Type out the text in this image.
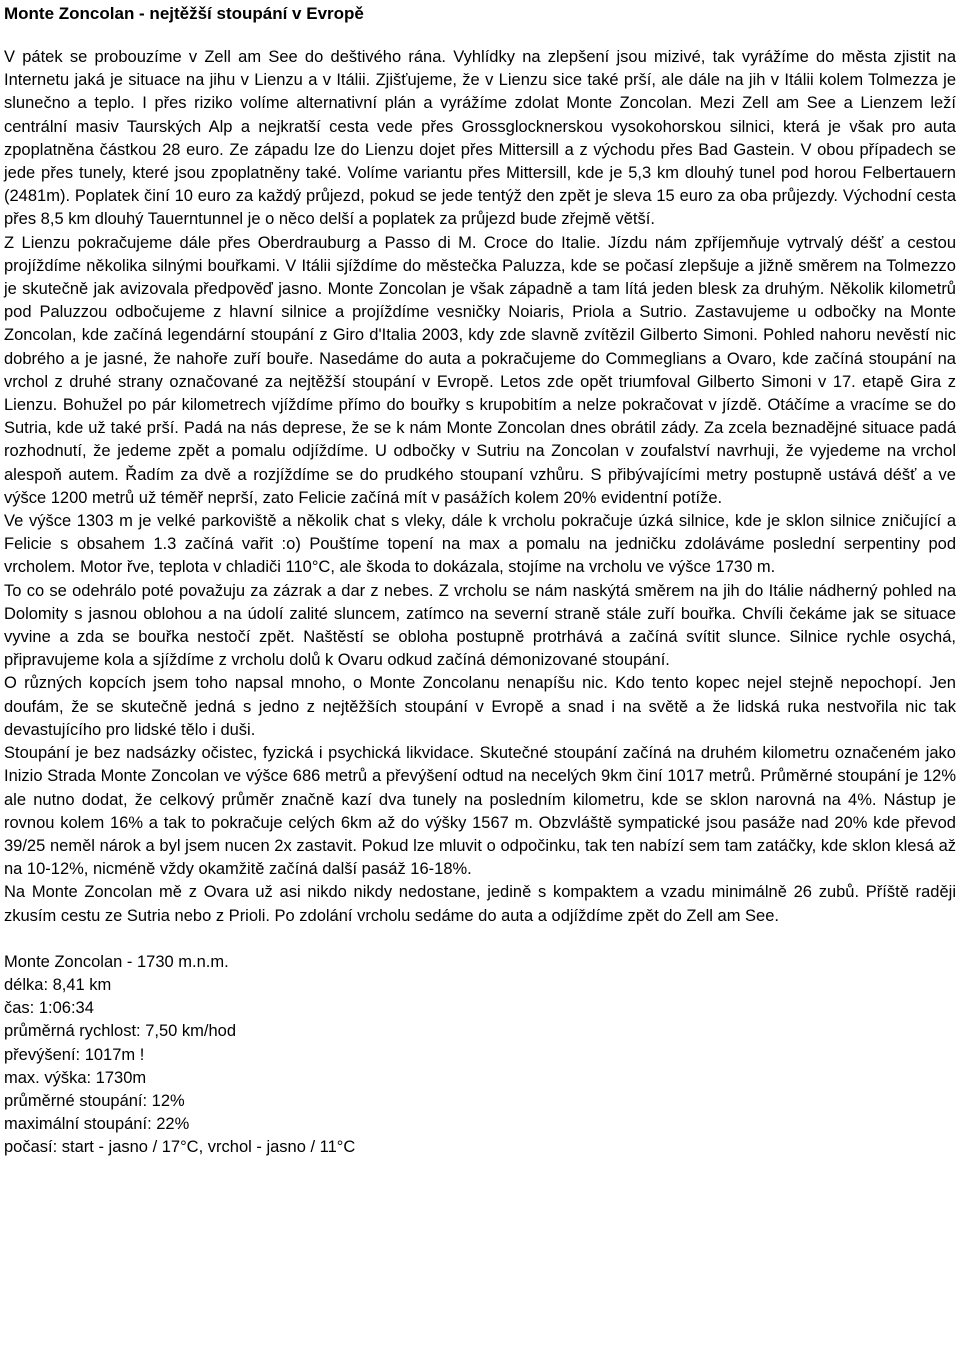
Monte Zoncolan - nejtěžší stoupání v Evropě

V pátek se probouzíme v Zell am See do deštivého rána. Vyhlídky na zlepšení jsou mizivé, tak vyrážíme do města zjistit na Internetu jaká je situace na jihu v Lienzu a v Itálii. Zjišťujeme, že v Lienzu sice také prší, ale dále na jih v Itálii kolem Tolmezza je slunečno a teplo. I přes riziko volíme alternativní plán a vyrážíme zdolat Monte Zoncolan. Mezi Zell am See a Lienzem leží centrální masiv Taurských Alp a nejkratší cesta vede přes Grossglocknerskou vysokohorskou silnici, která je však pro auta zpoplatněna částkou 28 euro. Ze západu lze do Lienzu dojet přes Mittersill a z východu přes Bad Gastein. V obou případech se jede přes tunely, které jsou zpoplatněny také. Volíme variantu přes Mittersill, kde je 5,3 km dlouhý tunel pod horou Felbertauern (2481m). Poplatek činí 10 euro za každý průjezd, pokud se jede tentýž den zpět je sleva 15 euro za oba průjezdy. Východní cesta přes 8,5 km dlouhý Tauerntunnel je o něco delší a poplatek za průjezd bude zřejmě větší.

Z Lienzu pokračujeme dále přes Oberdrauburg a Passo di M. Croce do Italie. Jízdu nám zpříjemňuje vytrvalý déšť a cestou projíždíme několika silnými bouřkami. V Itálii sjíždíme do městečka Paluzza, kde se počasí zlepšuje a jižně směrem na Tolmezzo je skutečně jak avizovala předpověď jasno. Monte Zoncolan je však západně a tam lítá jeden blesk za druhým. Několik kilometrů pod Paluzzou odbočujeme z hlavní silnice a projíždíme vesničky Noiaris, Priola a Sutrio. Zastavujeme u odbočky na Monte Zoncolan, kde začíná legendární stoupání z Giro d'Italia 2003, kdy zde slavně zvítězil Gilberto Simoni. Pohled nahoru nevěstí nic dobrého a je jasné, že nahoře zuří bouře. Nasedáme do auta a pokračujeme do Commeglians a Ovaro, kde začíná stoupání na vrchol z druhé strany označované za nejtěžší stoupání v Evropě. Letos zde opět triumfoval Gilberto Simoni v 17. etapě Gira z Lienzu. Bohužel po pár kilometrech vjíždíme přímo do bouřky s krupobitím a nelze pokračovat v jízdě. Otáčíme a vracíme se do Sutria, kde už také prší. Padá na nás deprese, že se k nám Monte Zoncolan dnes obrátil zády. Za zcela beznadějné situace padá rozhodnutí, že jedeme zpět a pomalu odjíždíme. U odbočky v Sutriu na Zoncolan v zoufalství navrhuji, že vyjedeme na vrchol alespoň autem. Řadím za dvě a rozjíždíme se do prudkého stoupaní vzhůru. S přibývajícími metry postupně ustává déšť a ve výšce 1200 metrů už téměř neprší, zato Felicie začíná mít v pasážích kolem 20% evidentní potíže.

Ve výšce 1303 m je velké parkoviště a několik chat s vleky, dále k vrcholu pokračuje úzká silnice, kde je sklon silnice zničující a Felicie s obsahem 1.3 začíná vařit :o) Pouštíme topení na max a pomalu na jedničku zdoláváme poslední serpentiny pod vrcholem. Motor řve, teplota v chladiči 110°C, ale škoda to dokázala, stojíme na vrcholu ve výšce 1730 m.

To co se odehrálo poté považuju za zázrak a dar z nebes. Z vrcholu se nám naskýtá směrem na jih do Itálie nádherný pohled na Dolomity s jasnou oblohou a na údolí zalité sluncem, zatímco na severní straně stále zuří bouřka. Chvíli čekáme jak se situace vyvine a zda se bouřka nestočí zpět. Naštěstí se obloha postupně protrhává a začíná svítit slunce. Silnice rychle osychá, připravujeme kola a sjíždíme z vrcholu dolů k Ovaru odkud začíná démonizované stoupání.

O různých kopcích jsem toho napsal mnoho, o Monte Zoncolanu nenapíšu nic. Kdo tento kopec nejel stejně nepochopí. Jen doufám, že se skutečně jedná s jedno z nejtěžších stoupání v Evropě a snad i na světě a že lidská ruka nestvořila nic tak devastujícího pro lidské tělo i duši.

Stoupání je bez nadsázky očistec, fyzická i psychická likvidace. Skutečné stoupání začíná na druhém kilometru označeném jako Inizio Strada Monte Zoncolan ve výšce 686 metrů a převýšení odtud na necelých 9km činí 1017 metrů. Průměrné stoupání je 12% ale nutno dodat, že celkový průměr značně kazí dva tunely na posledním kilometru, kde se sklon narovná na 4%. Nástup je rovnou kolem 16% a tak to pokračuje celých 6km až do výšky 1567 m. Obzvláště sympatické jsou pasáže nad 20% kde převod 39/25 neměl nárok a byl jsem nucen 2x zastavit. Pokud lze mluvit o odpočinku, tak ten nabízí sem tam zatáčky, kde sklon klesá až na 10-12%, nicméně vždy okamžitě začíná další pasáž 16-18%.

Na Monte Zoncolan mě z Ovara už asi nikdo nikdy nedostane, jedině s kompaktem a vzadu minimálně 26 zubů. Příště raději zkusím cestu ze Sutria nebo z Prioli. Po zdolání vrcholu sedáme do auta a odjíždíme zpět do Zell am See.

Monte Zoncolan - 1730 m.n.m.
délka: 8,41 km
čas: 1:06:34
průměrná rychlost: 7,50 km/hod
převýšení: 1017m !
max. výška: 1730m
průměrné stoupání: 12%
maximální stoupání: 22%
počasí: start - jasno / 17°C, vrchol - jasno / 11°C
